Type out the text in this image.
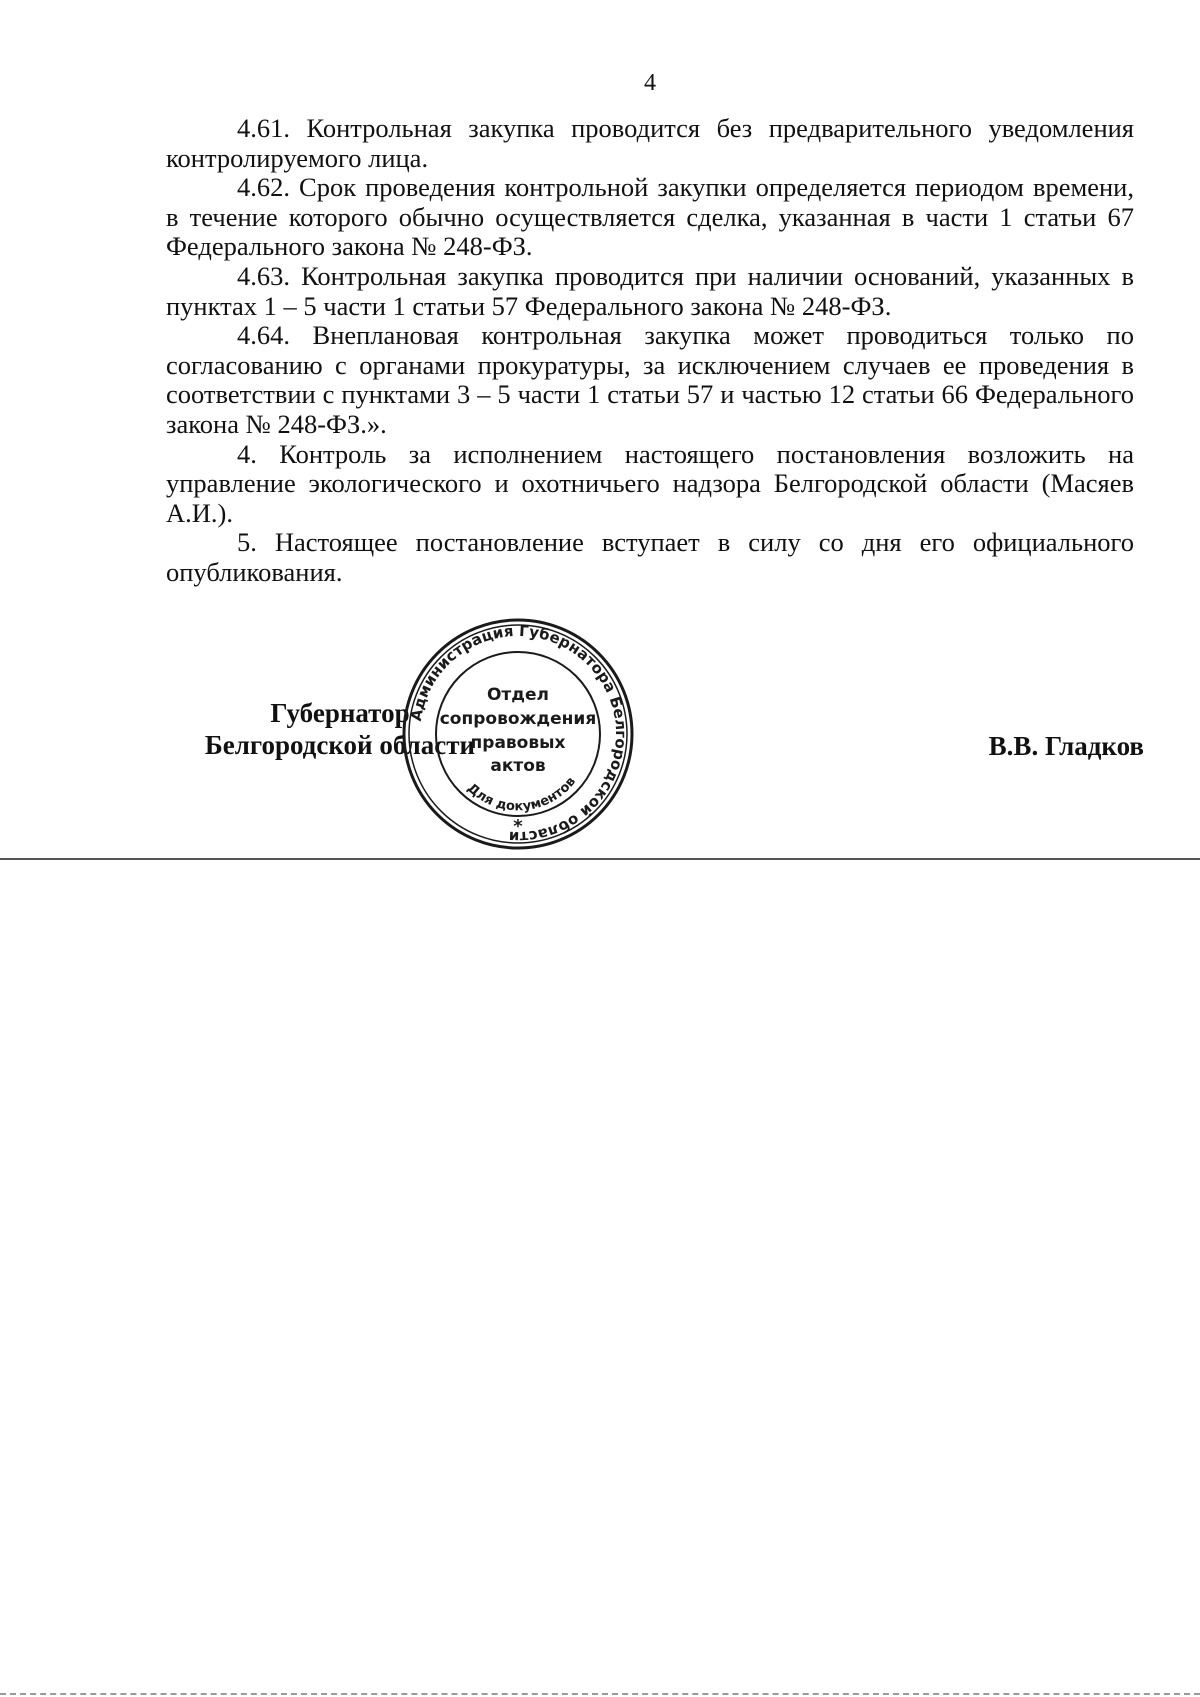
4

4.61. Контрольная закупка проводится без предварительного уведомления контролируемого лица.

4.62. Срок проведения контрольной закупки определяется периодом времени, в течение которого обычно осуществляется сделка, указанная в части 1 статьи 67 Федерального закона № 248-ФЗ.

4.63. Контрольная закупка проводится при наличии оснований, указанных в пунктах 1 – 5 части 1 статьи 57 Федерального закона № 248-ФЗ.

4.64. Внеплановая контрольная закупка может проводиться только по согласованию с органами прокуратуры, за исключением случаев ее проведения в соответствии с пунктами 3 – 5 части 1 статьи 57 и частью 12 статьи 66 Федерального закона № 248-ФЗ.».

4. Контроль за исполнением настоящего постановления возложить на управление экологического и охотничьего надзора Белгородской области (Масяев А.И.).

5. Настоящее постановление вступает в силу со дня его официального опубликования.

Губернатор
Белгородской области
Администрация Губернатора Белгородской области
Отдел
сопровождения
правовых
актов
Для документов
*
В.В. Гладков
